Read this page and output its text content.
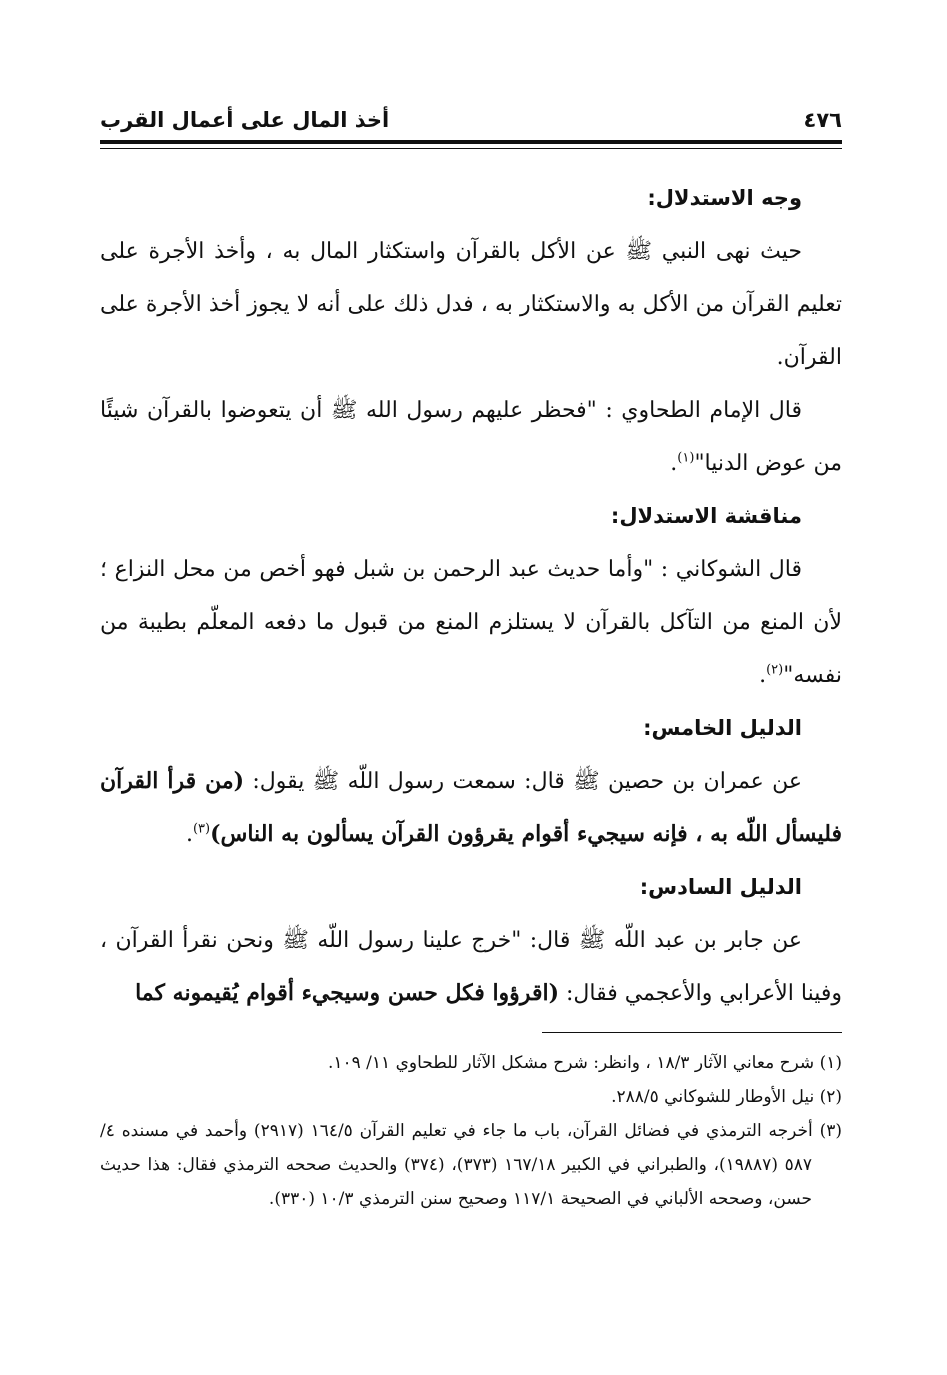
٤٧٦
أخذ المال على أعمال القرب

وجه الاستدلال:

حيث نهى النبي ﷺ عن الأكل بالقرآن واستكثار المال به ، وأخذ الأجرة على تعليم القرآن من الأكل به والاستكثار به ، فدل ذلك على أنه لا يجوز أخذ الأجرة على القرآن.

قال الإمام الطحاوي : "فحظر عليهم رسول الله ﷺ أن يتعوضوا بالقرآن شيئًا من عوض الدنيا"$^{(١)}$.

مناقشة الاستدلال:

قال الشوكاني : "وأما حديث عبد الرحمن بن شبل فهو أخص من محل النزاع ؛ لأن المنع من التآكل بالقرآن لا يستلزم المنع من قبول ما دفعه المعلّم بطيبة من نفسه"$^{(٢)}$.

الدليل الخامس:

عن عمران بن حصين ﷺ قال: سمعت رسول اللّه ﷺ يقول: (من قرأ القرآن فليسأل اللّه به ، فإنه سيجيء أقوام يقرؤون القرآن يسألون به الناس)$^{(٣)}$.

الدليل السادس:

عن جابر بن عبد اللّه ﷺ قال: "خرج علينا رسول اللّه ﷺ ونحن نقرأ القرآن ، وفينا الأعرابي والأعجمي فقال: (اقرؤوا فكل حسن وسيجيء أقوام يُقيمونه كما

(١) شرح معاني الآثار ١٨/٣ ، وانظر: شرح مشكل الآثار للطحاوي ١١/ ١٠٩.

(٢) نيل الأوطار للشوكاني ٢٨٨/٥.

(٣) أخرجه الترمذي في فضائل القرآن، باب ما جاء في تعليم القرآن ١٦٤/٥ (٢٩١٧) وأحمد في مسنده ٤/ ٥٨٧ (١٩٨٨٧)، والطبراني في الكبير ١٦٧/١٨ (٣٧٣)، (٣٧٤) والحديث صححه الترمذي فقال: هذا حديث حسن، وصححه الألباني في الصحيحة ١١٧/١ وصحيح سنن الترمذي ١٠/٣ (٣٣٠).
